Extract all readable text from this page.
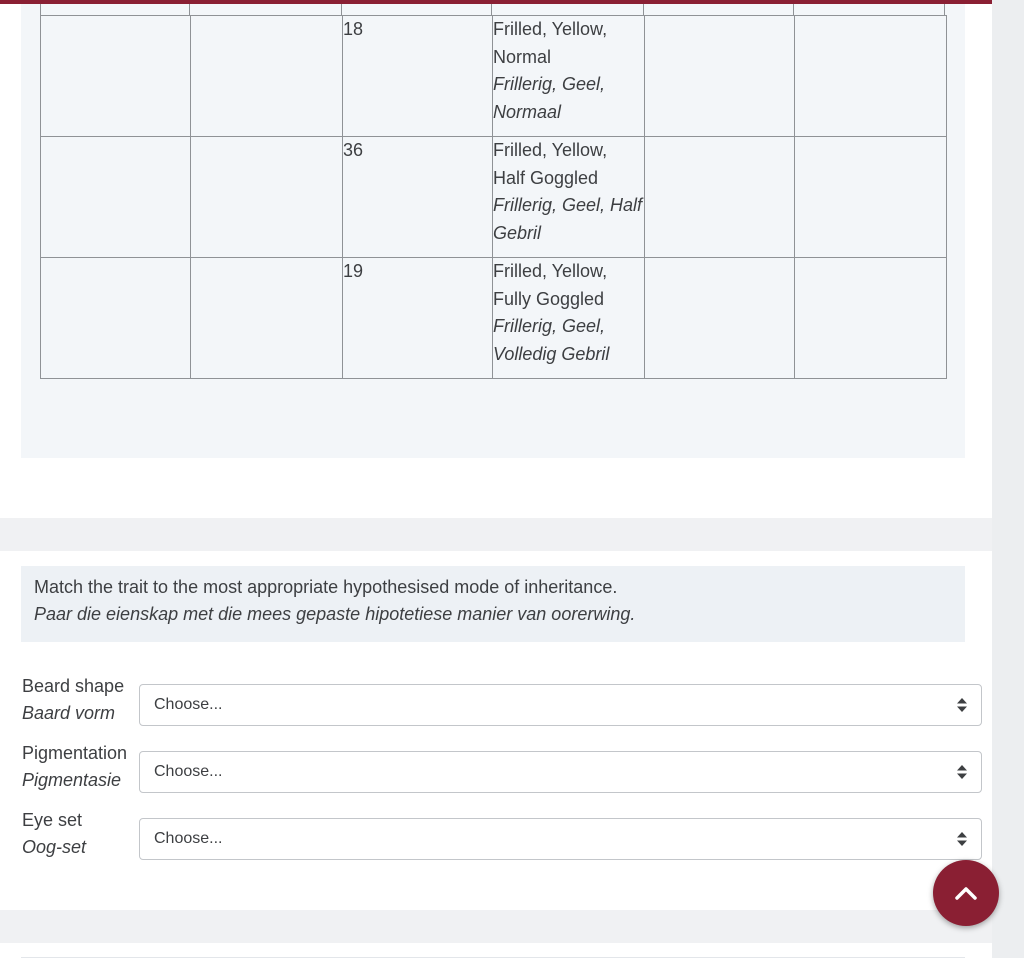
		18	Frilled, Yellow, Normal
Frillerig, Geel, Normaal		

		36	Frilled, Yellow, Half Goggled
Frillerig, Geel, Half Gebril		

		19	Frilled, Yellow, Fully Goggled
Frillerig, Geel, Volledig Gebril		

Match the trait to the most appropriate hypothesised mode of inheritance.
Paar die eienskap met die mees gepaste hipotetiese manier van oorerwing.
Beard shape
Baard vorm	Choose...
Pigmentation
Pigmentasie	Choose...
Eye set
Oog-set	Choose...
